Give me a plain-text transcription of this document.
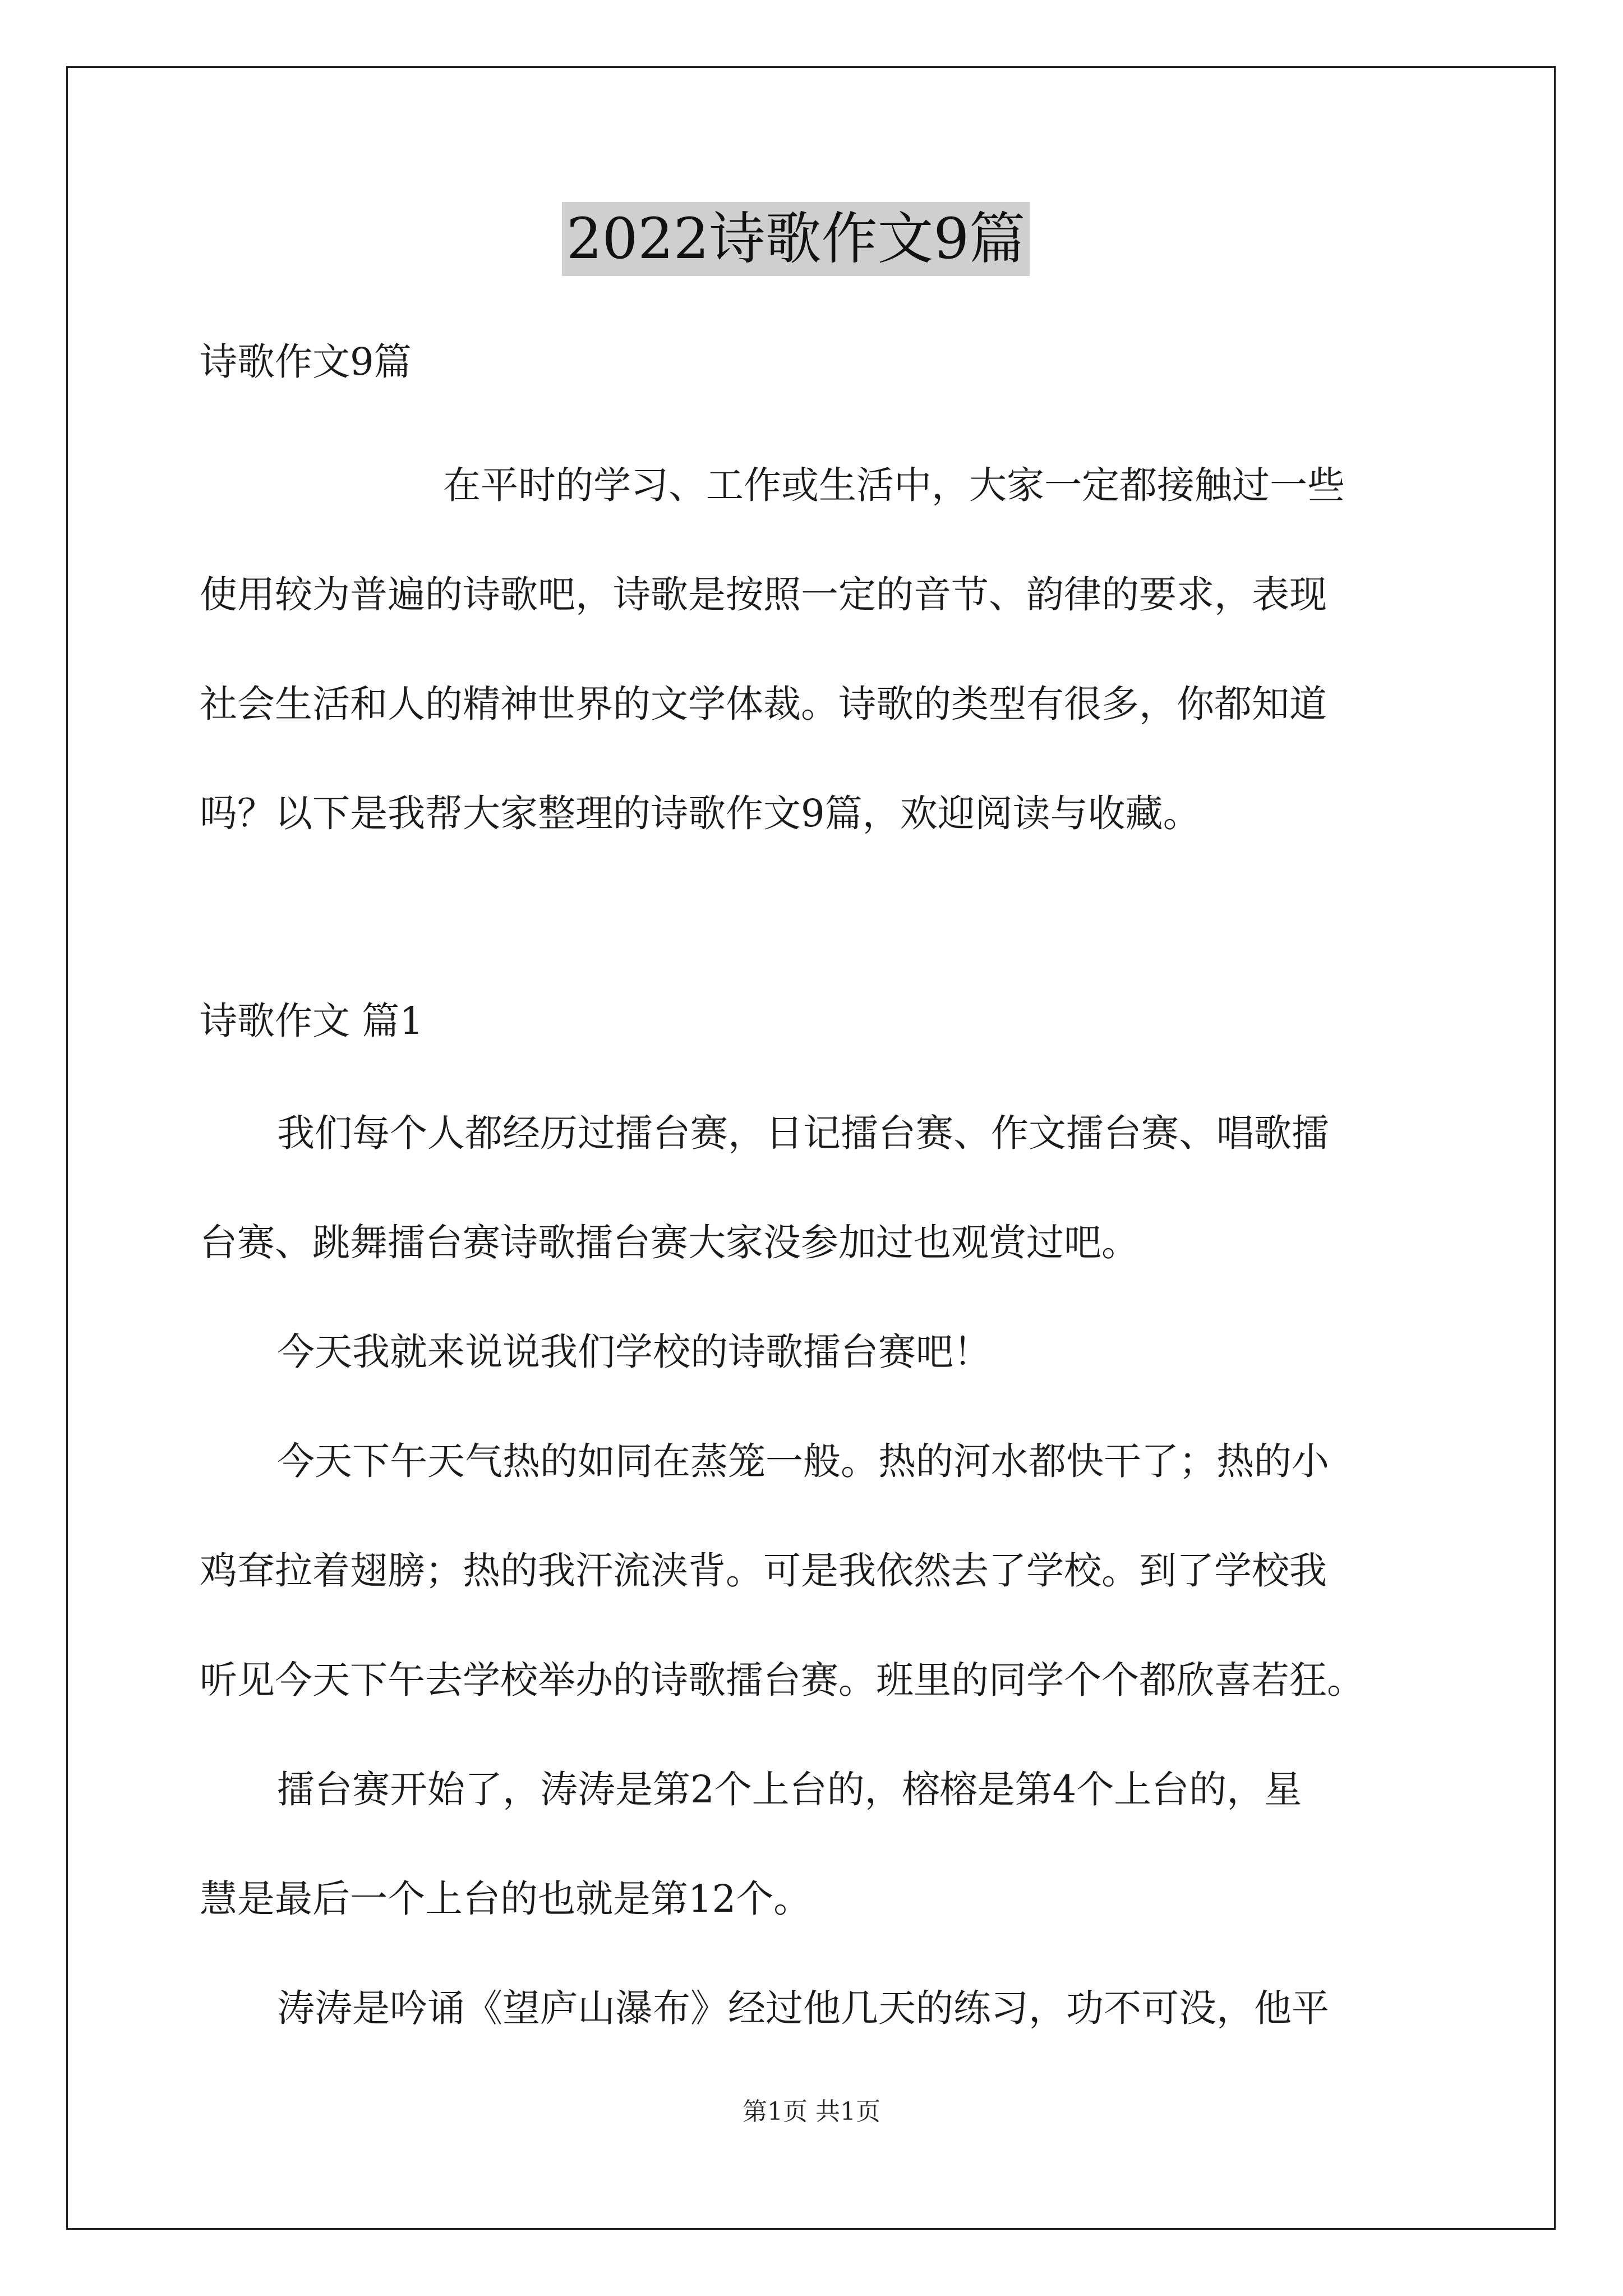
2022诗歌作文9篇
诗歌作文9篇
在平时的学习、工作或生活中，大家一定都接触过一些
使用较为普遍的诗歌吧，诗歌是按照一定的音节、韵律的要求，表现
社会生活和人的精神世界的文学体裁。诗歌的类型有很多，你都知道
吗？以下是我帮大家整理的诗歌作文9篇，欢迎阅读与收藏。
诗歌作文 篇1
我们每个人都经历过擂台赛，日记擂台赛、作文擂台赛、唱歌擂
台赛、跳舞擂台赛诗歌擂台赛大家没参加过也观赏过吧。
今天我就来说说我们学校的诗歌擂台赛吧！
今天下午天气热的如同在蒸笼一般。热的河水都快干了；热的小
鸡耷拉着翅膀；热的我汗流浃背。可是我依然去了学校。到了学校我
听见今天下午去学校举办的诗歌擂台赛。班里的同学个个都欣喜若狂。
擂台赛开始了，涛涛是第2个上台的，榕榕是第4个上台的，星
慧是最后一个上台的也就是第12个。
涛涛是吟诵《望庐山瀑布》经过他几天的练习，功不可没，他平
第1页 共1页
